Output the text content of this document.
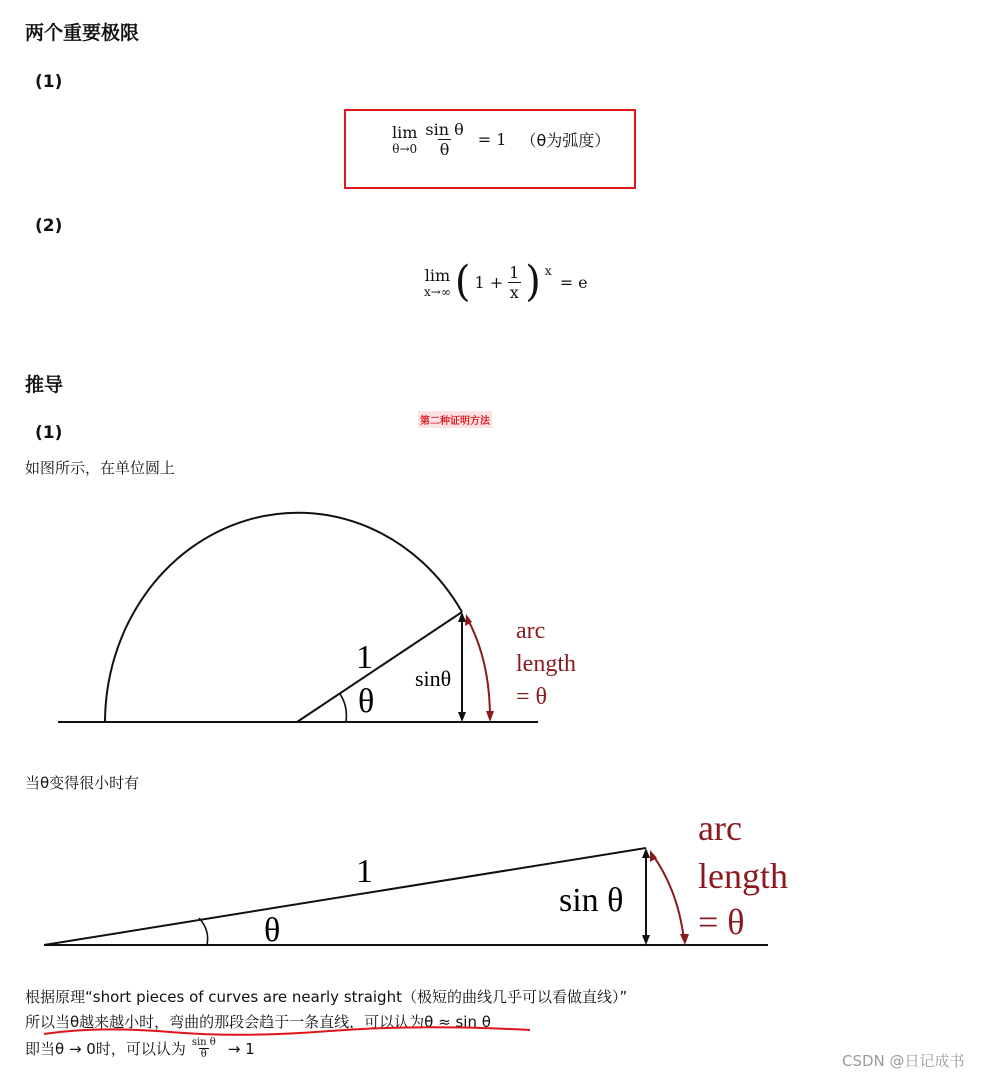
两个重要极限
(1)
lim
$\theta\to 0 \frac{\text{sin θ}}{\theta} = 1$ （θ为弧度）
(2)
lim
x→∞ ( $1 + \frac{1}{x}$ ) x
= e
推导
第二种证明方法
(1)
如图所示，在单位圆上
1
θ
sinθ
arc
length
= θ
当θ变得很小时有
1
θ
sin θ
arc
length
= θ
根据原理“short pieces of curves are nearly straight（极短的曲线几乎可以看做直线）”
所以当θ越来越小时，弯曲的那段会趋于一条直线，可以认为θ ≈ sin θ
即当θ → 0时，可以认为 $\frac{\text{sin θ}}{\theta} \to 1$
CSDN @日记成书
